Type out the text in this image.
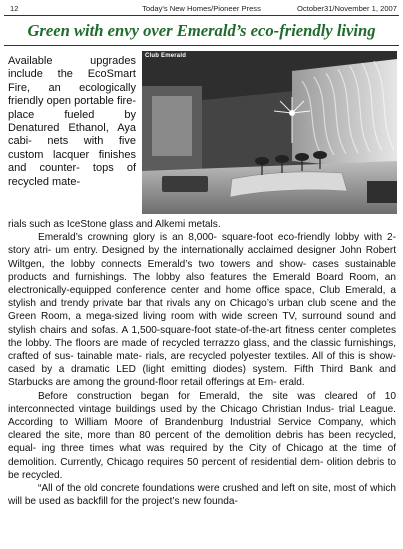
12	Today's New Homes/Pioneer Press	October31/November 1, 2007
Green with envy over Emerald’s eco-friendly living
Club Emerald
Available upgrades include the EcoSmart Fire, an ecologically friendly open portable fire- place fueled by Denatured Ethanol, Aya cabi- nets with five custom lacquer finishes and counter- tops of recycled mate-

rials such as IceStone glass and Alkemi metals.

Emerald’s crowning glory is an 8,000- square-foot eco-friendly lobby with 2-story atri- um entry. Designed by the internationally acclaimed designer John Robert Wiltgen, the lobby connects Emerald’s two towers and show- cases sustainable products and furnishings. The lobby also features the Emerald Board Room, an electronically-equipped conference center and home office space, Club Emerald, a stylish and trendy private bar that rivals any on Chicago’s urban club scene and the Green Room, a mega-sized living room with wide screen TV, surround sound and stylish chairs and sofas. A 1,500-square-foot state-of-the-art fitness center completes the lobby. The floors are made of recycled terrazzo glass, and the classic furnishings, crafted of sus- tainable mate- rials, are recycled polyester textiles. All of this is show- cased by a dramatic LED (light emitting diodes) system. Fifth Third Bank and Starbucks are among the ground-floor retail offerings at Em- erald.

Before construction began for Emerald, the site was cleared of 10 interconnected vintage buildings used by the Chicago Christian Indus- trial League. According to William Moore of Brandenburg Industrial Service Company, which cleared the site, more than 80 percent of the demolition debris has been recycled, equal- ing three times what was required by the City of Chicago at the time of demolition. Currently, Chicago requires 50 percent of residential dem- olition debris to be recycled.

“All of the old concrete foundations were crushed and left on site, most of which will be used as backfill for the project’s new founda-
